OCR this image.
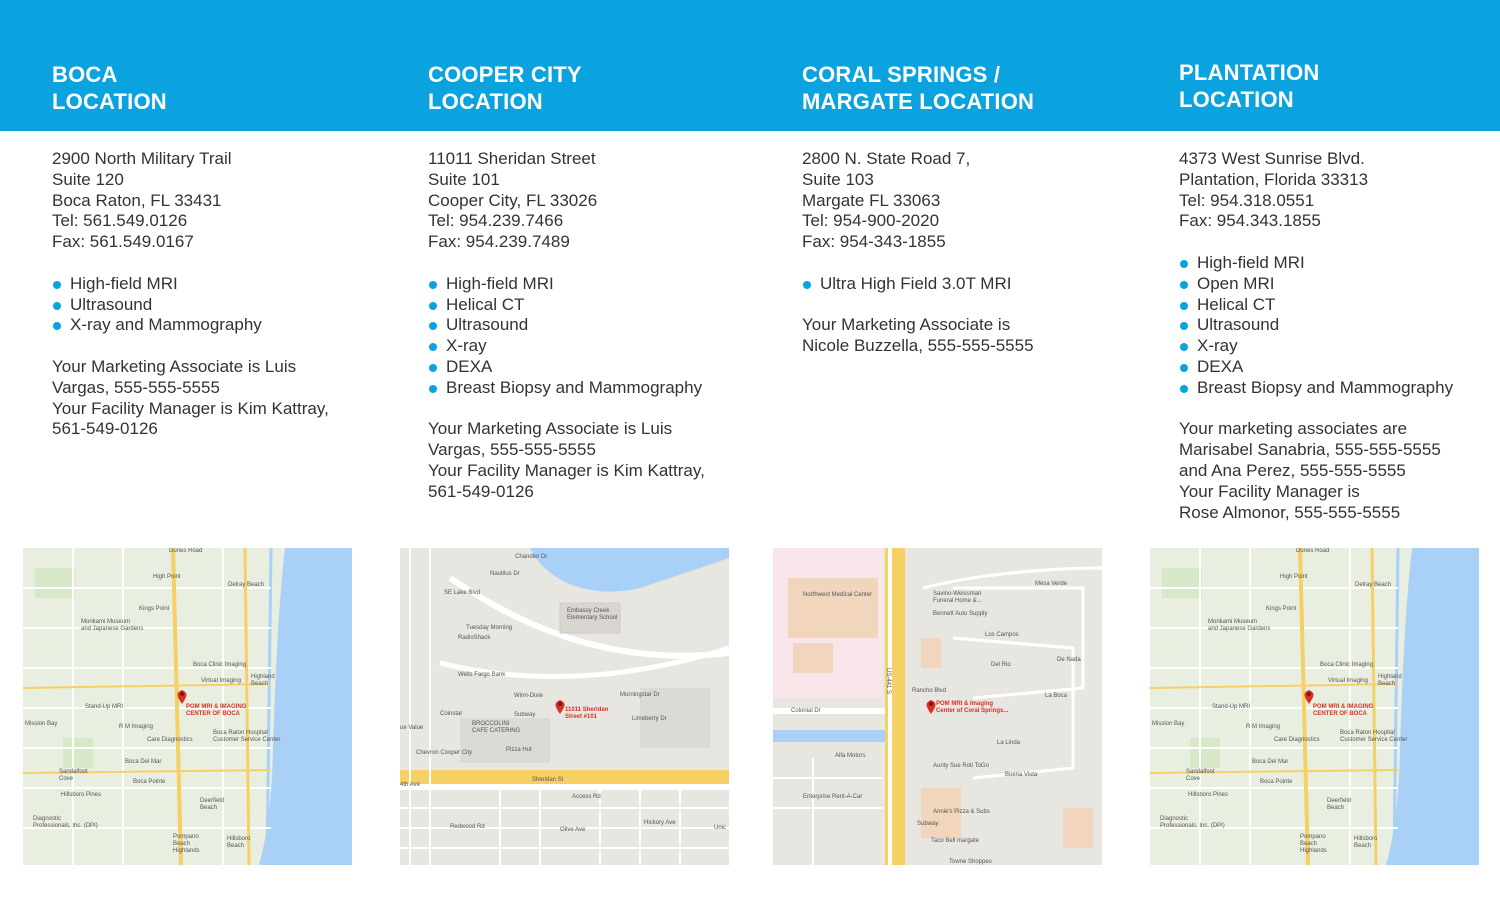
BOCA
LOCATION
2900 North Military Trail
Suite 120
Boca Raton, FL 33431
Tel: 561.549.0126
Fax: 561.549.0167
High-field MRI
Ultrasound
X-ray and Mammography
Your Marketing Associate is Luis
Vargas, 555-555-5555
Your Facility Manager is Kim Kattray,
561-549-0126
COOPER CITY
LOCATION
11011 Sheridan Street
Suite 101
Cooper City, FL 33026
Tel: 954.239.7466
Fax: 954.239.7489
High-field MRI
Helical CT
Ultrasound
X-ray
DEXA
Breast Biopsy and Mammography
Your Marketing Associate is Luis
Vargas, 555-555-5555
Your Facility Manager is Kim Kattray,
561-549-0126
CORAL SPRINGS /
MARGATE LOCATION
2800 N. State Road 7,
Suite 103
Margate FL 33063
Tel: 954-900-2020
Fax: 954-343-1855
Ultra High Field 3.0T MRI
Your Marketing Associate is
Nicole Buzzella, 555-555-5555
PLANTATION
LOCATION
4373 West Sunrise Blvd.
Plantation, Florida 33313
Tel: 954.318.0551
Fax: 954.343.1855
High-field MRI
Open MRI
Helical CT
Ultrasound
X-ray
DEXA
Breast Biopsy and Mammography
Your marketing associates are
Marisabel Sanabria, 555-555-5555
and Ana Perez, 555-555-5555
Your Facility Manager is
Rose Almonor, 555-555-5555
Dunes Road
Delray Beach
High Point
Kings Point
Morikami Museum and Japanese Gardens
Boca Clinic Imaging
Virtual Imaging
Highland Beach
Stand-Up MRI
R M Imaging
Boca Raton Hospital Customer Service Center
Care Diagnostics
Mission Bay
Boca Del Mar
Sandalfoot Cove	Boca Pointe
Hillsboro Pines
Diagnostic Professionals, Inc. (DPI)
Deerfield Beach
Hillsboro Beach
Pompano Beach Highlands
POM MRI & IMAGING CENTER OF BOCA
Chandler Dr
Nautilus Dr
SE Lake Blvd
Embassy Creek Elementary School
Tuesday Morning
RadioShack
Wells Fargo Bank
Winn-Dixie
Subway
Coinstar
BROCCOLINI CAFE CATERING
Pizza Hut
Chevron Cooper City
ue Value
Sheridan St
Access Rd
Morningstar Dr
Limeberry Dr
Olive Ave
Hickory Ave
Redwood Rd
4th Ave
Unic
11011 Sheridan Street #101
Northwest Medical Center	Savino-Weissman Funeral Home &...
Bennett Auto Supply
Mesa Verde
Los Campos
Del Rio
De Nada
Rancho Blvd
Colonial Dr
La Boca
Buena Vista
La Linda
Alfa Motors
Aunty Sue Roti ToGo
Enterprise Rent-A-Car
Annie's Pizza & Subs
Subway
Taco Bell margate
Towne Shoppes
US-441 S
POM MRI & Imaging Center of Coral Springs...
Dunes Road
Delray Beach
High Point
Kings Point
Morikami Museum and Japanese Gardens
Boca Clinic Imaging
Virtual Imaging
Highland Beach
Stand-Up MRI
R M Imaging
Boca Raton Hospital Customer Service Center
Care Diagnostics
Mission Bay
Boca Del Mar
Sandalfoot Cove	Boca Pointe
Hillsboro Pines
Diagnostic Professionals, Inc. (DPI)
Deerfield Beach
Hillsboro Beach
Pompano Beach Highlands
POM MRI & IMAGING CENTER OF BOCA
